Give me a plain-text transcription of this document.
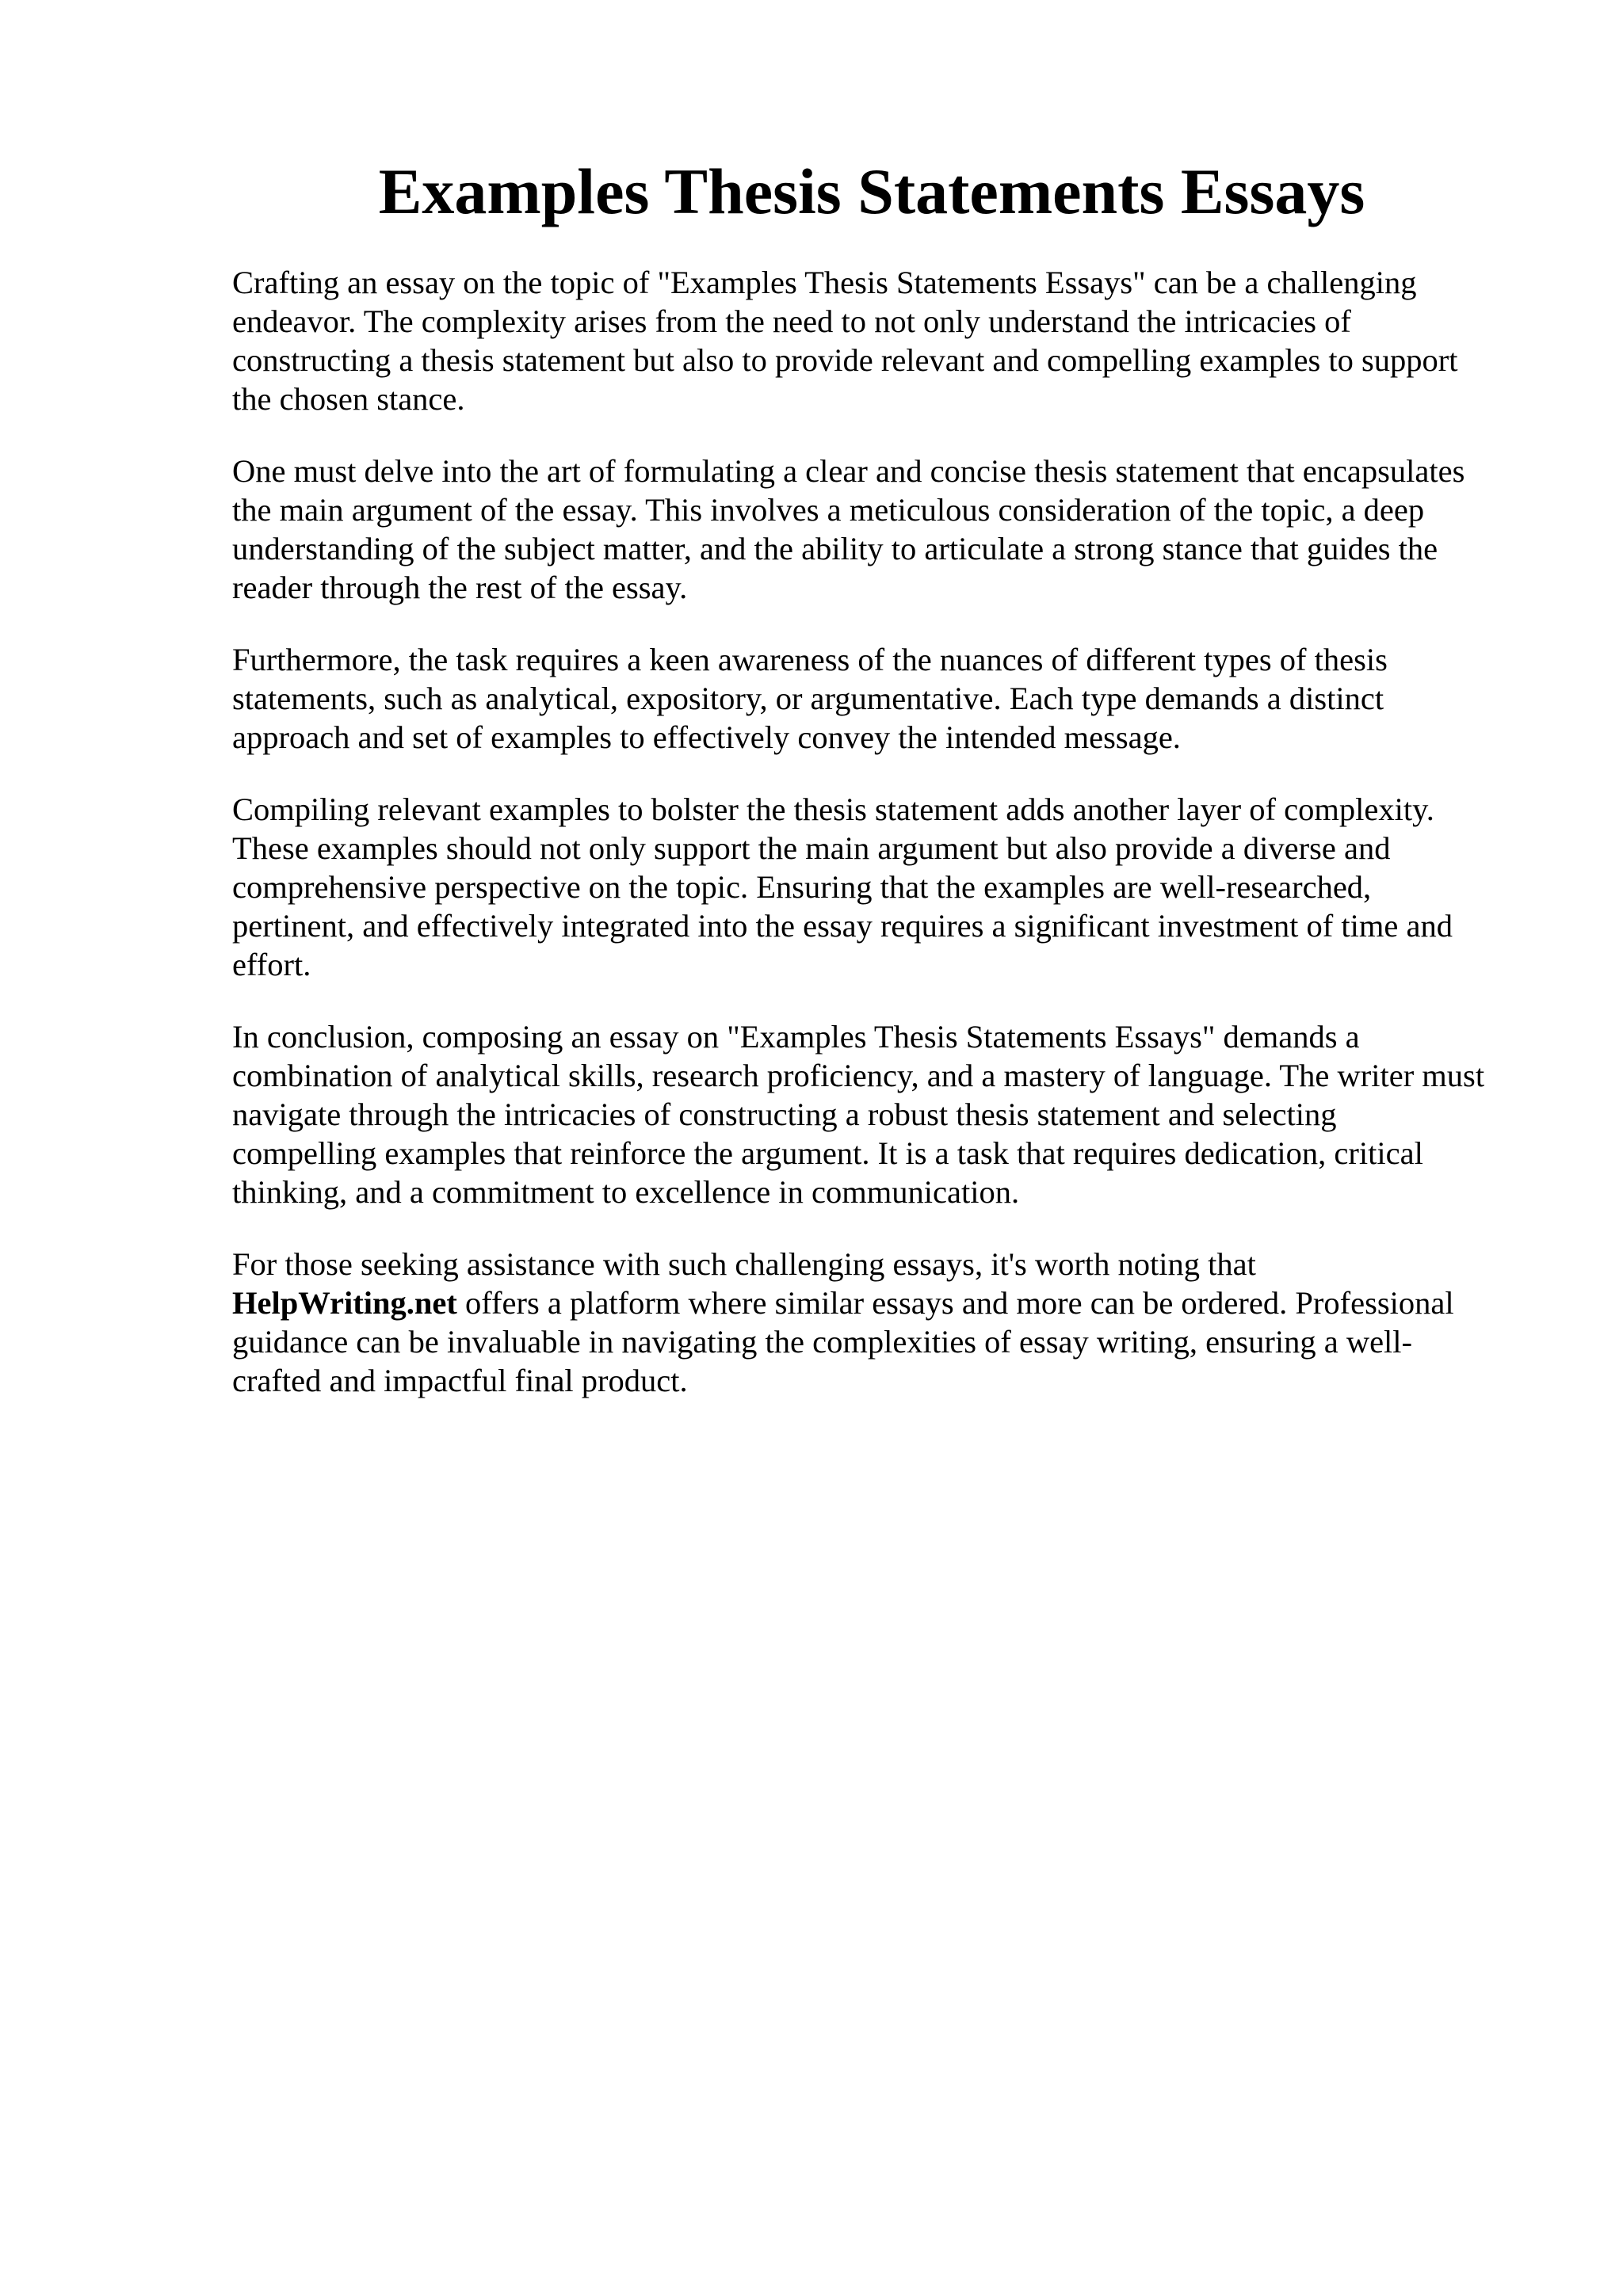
Examples Thesis Statements Essays

Crafting an essay on the topic of "Examples Thesis Statements Essays" can be a challenging
endeavor. The complexity arises from the need to not only understand the intricacies of
constructing a thesis statement but also to provide relevant and compelling examples to support
the chosen stance.

One must delve into the art of formulating a clear and concise thesis statement that encapsulates
the main argument of the essay. This involves a meticulous consideration of the topic, a deep
understanding of the subject matter, and the ability to articulate a strong stance that guides the
reader through the rest of the essay.

Furthermore, the task requires a keen awareness of the nuances of different types of thesis
statements, such as analytical, expository, or argumentative. Each type demands a distinct
approach and set of examples to effectively convey the intended message.

Compiling relevant examples to bolster the thesis statement adds another layer of complexity.
These examples should not only support the main argument but also provide a diverse and
comprehensive perspective on the topic. Ensuring that the examples are well-researched,
pertinent, and effectively integrated into the essay requires a significant investment of time and
effort.

In conclusion, composing an essay on "Examples Thesis Statements Essays" demands a
combination of analytical skills, research proficiency, and a mastery of language. The writer must
navigate through the intricacies of constructing a robust thesis statement and selecting
compelling examples that reinforce the argument. It is a task that requires dedication, critical
thinking, and a commitment to excellence in communication.

For those seeking assistance with such challenging essays, it's worth noting that
HelpWriting.net offers a platform where similar essays and more can be ordered. Professional
guidance can be invaluable in navigating the complexities of essay writing, ensuring a well-
crafted and impactful final product.
